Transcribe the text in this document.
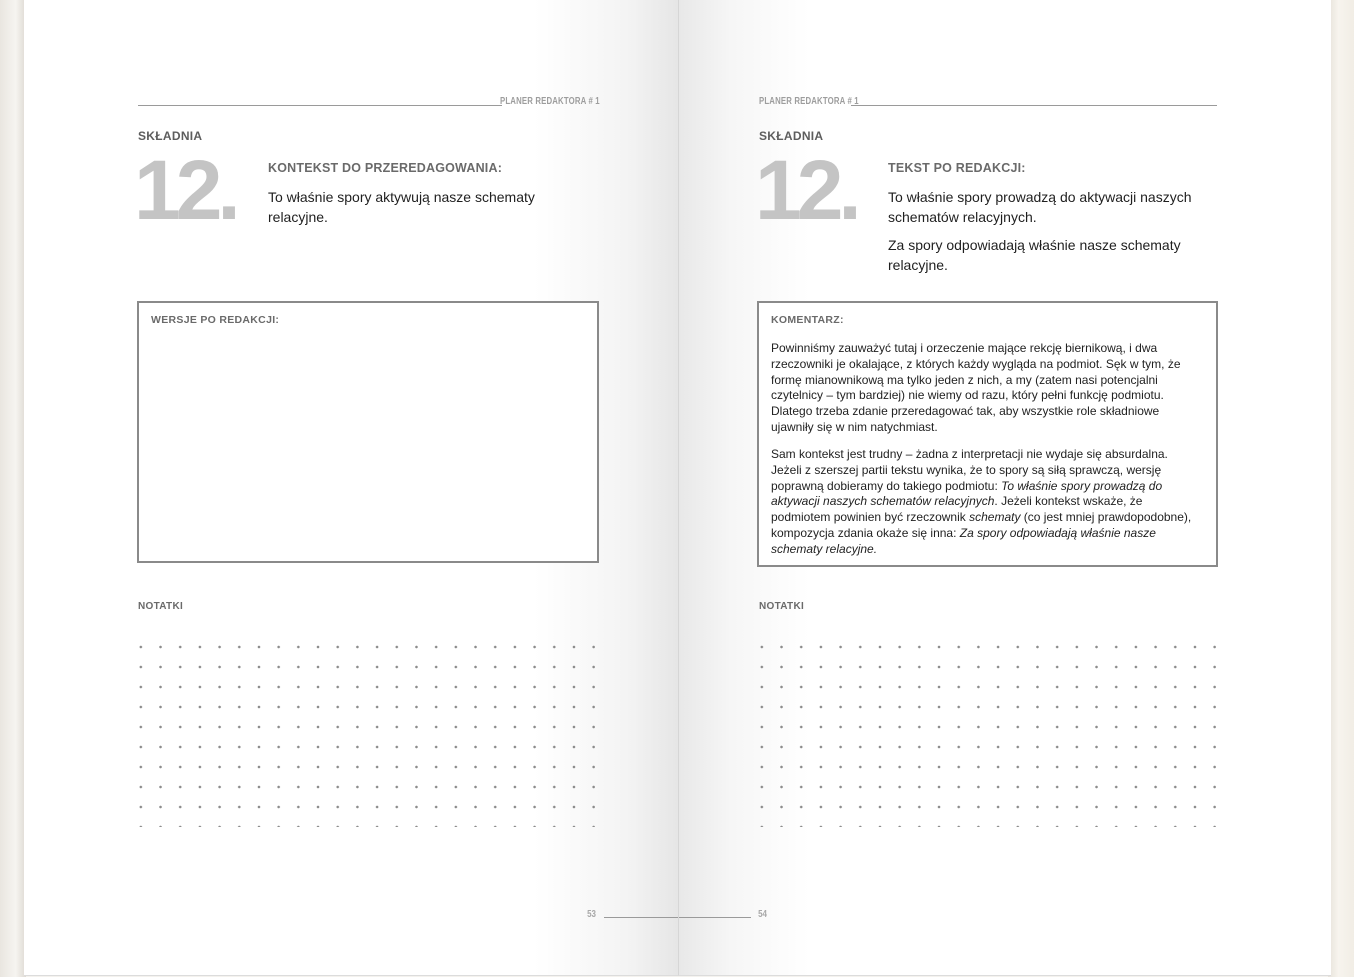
PLANER REDAKTORA # 1
SKŁADNIA
12.	KONTEKST DO PRZEREDAGOWANIA:
To właśnie spory aktywują nasze schematy relacyjne.
WERSJE PO REDAKCJI:
NOTATKI
53
PLANER REDAKTORA # 1
SKŁADNIA
12. TEKST PO REDAKCJI:
To właśnie spory prowadzą do aktywacji naszych schematów relacyjnych.
Za spory odpowiadają właśnie nasze schematy relacyjne.
KOMENTARZ:

Powinniśmy zauważyć tutaj i orzeczenie mające rekcję biernikową, i dwa rzeczowniki je okalające, z których każdy wygląda na podmiot. Sęk w tym, że formę mianownikową ma tylko jeden z nich, a my (zatem nasi potencjalni czytelnicy – tym bardziej) nie wiemy od razu, który pełni funkcję podmiotu. Dlatego trzeba zdanie przeredagować tak, aby wszystkie role składniowe ujawniły się w nim natychmiast.

Sam kontekst jest trudny – żadna z interpretacji nie wydaje się absurdalna. Jeżeli z szerszej partii tekstu wynika, że to spory są siłą sprawczą, wersję poprawną dobieramy do takiego podmiotu: To właśnie spory prowadzą do aktywacji naszych schematów relacyjnych. Jeżeli kontekst wskaże, że podmiotem powinien być rzeczownik schematy (co jest mniej prawdopodobne), kompozycja zdania okaże się inna: Za spory odpowiadają właśnie nasze schematy relacyjne.

NOTATKI
54
